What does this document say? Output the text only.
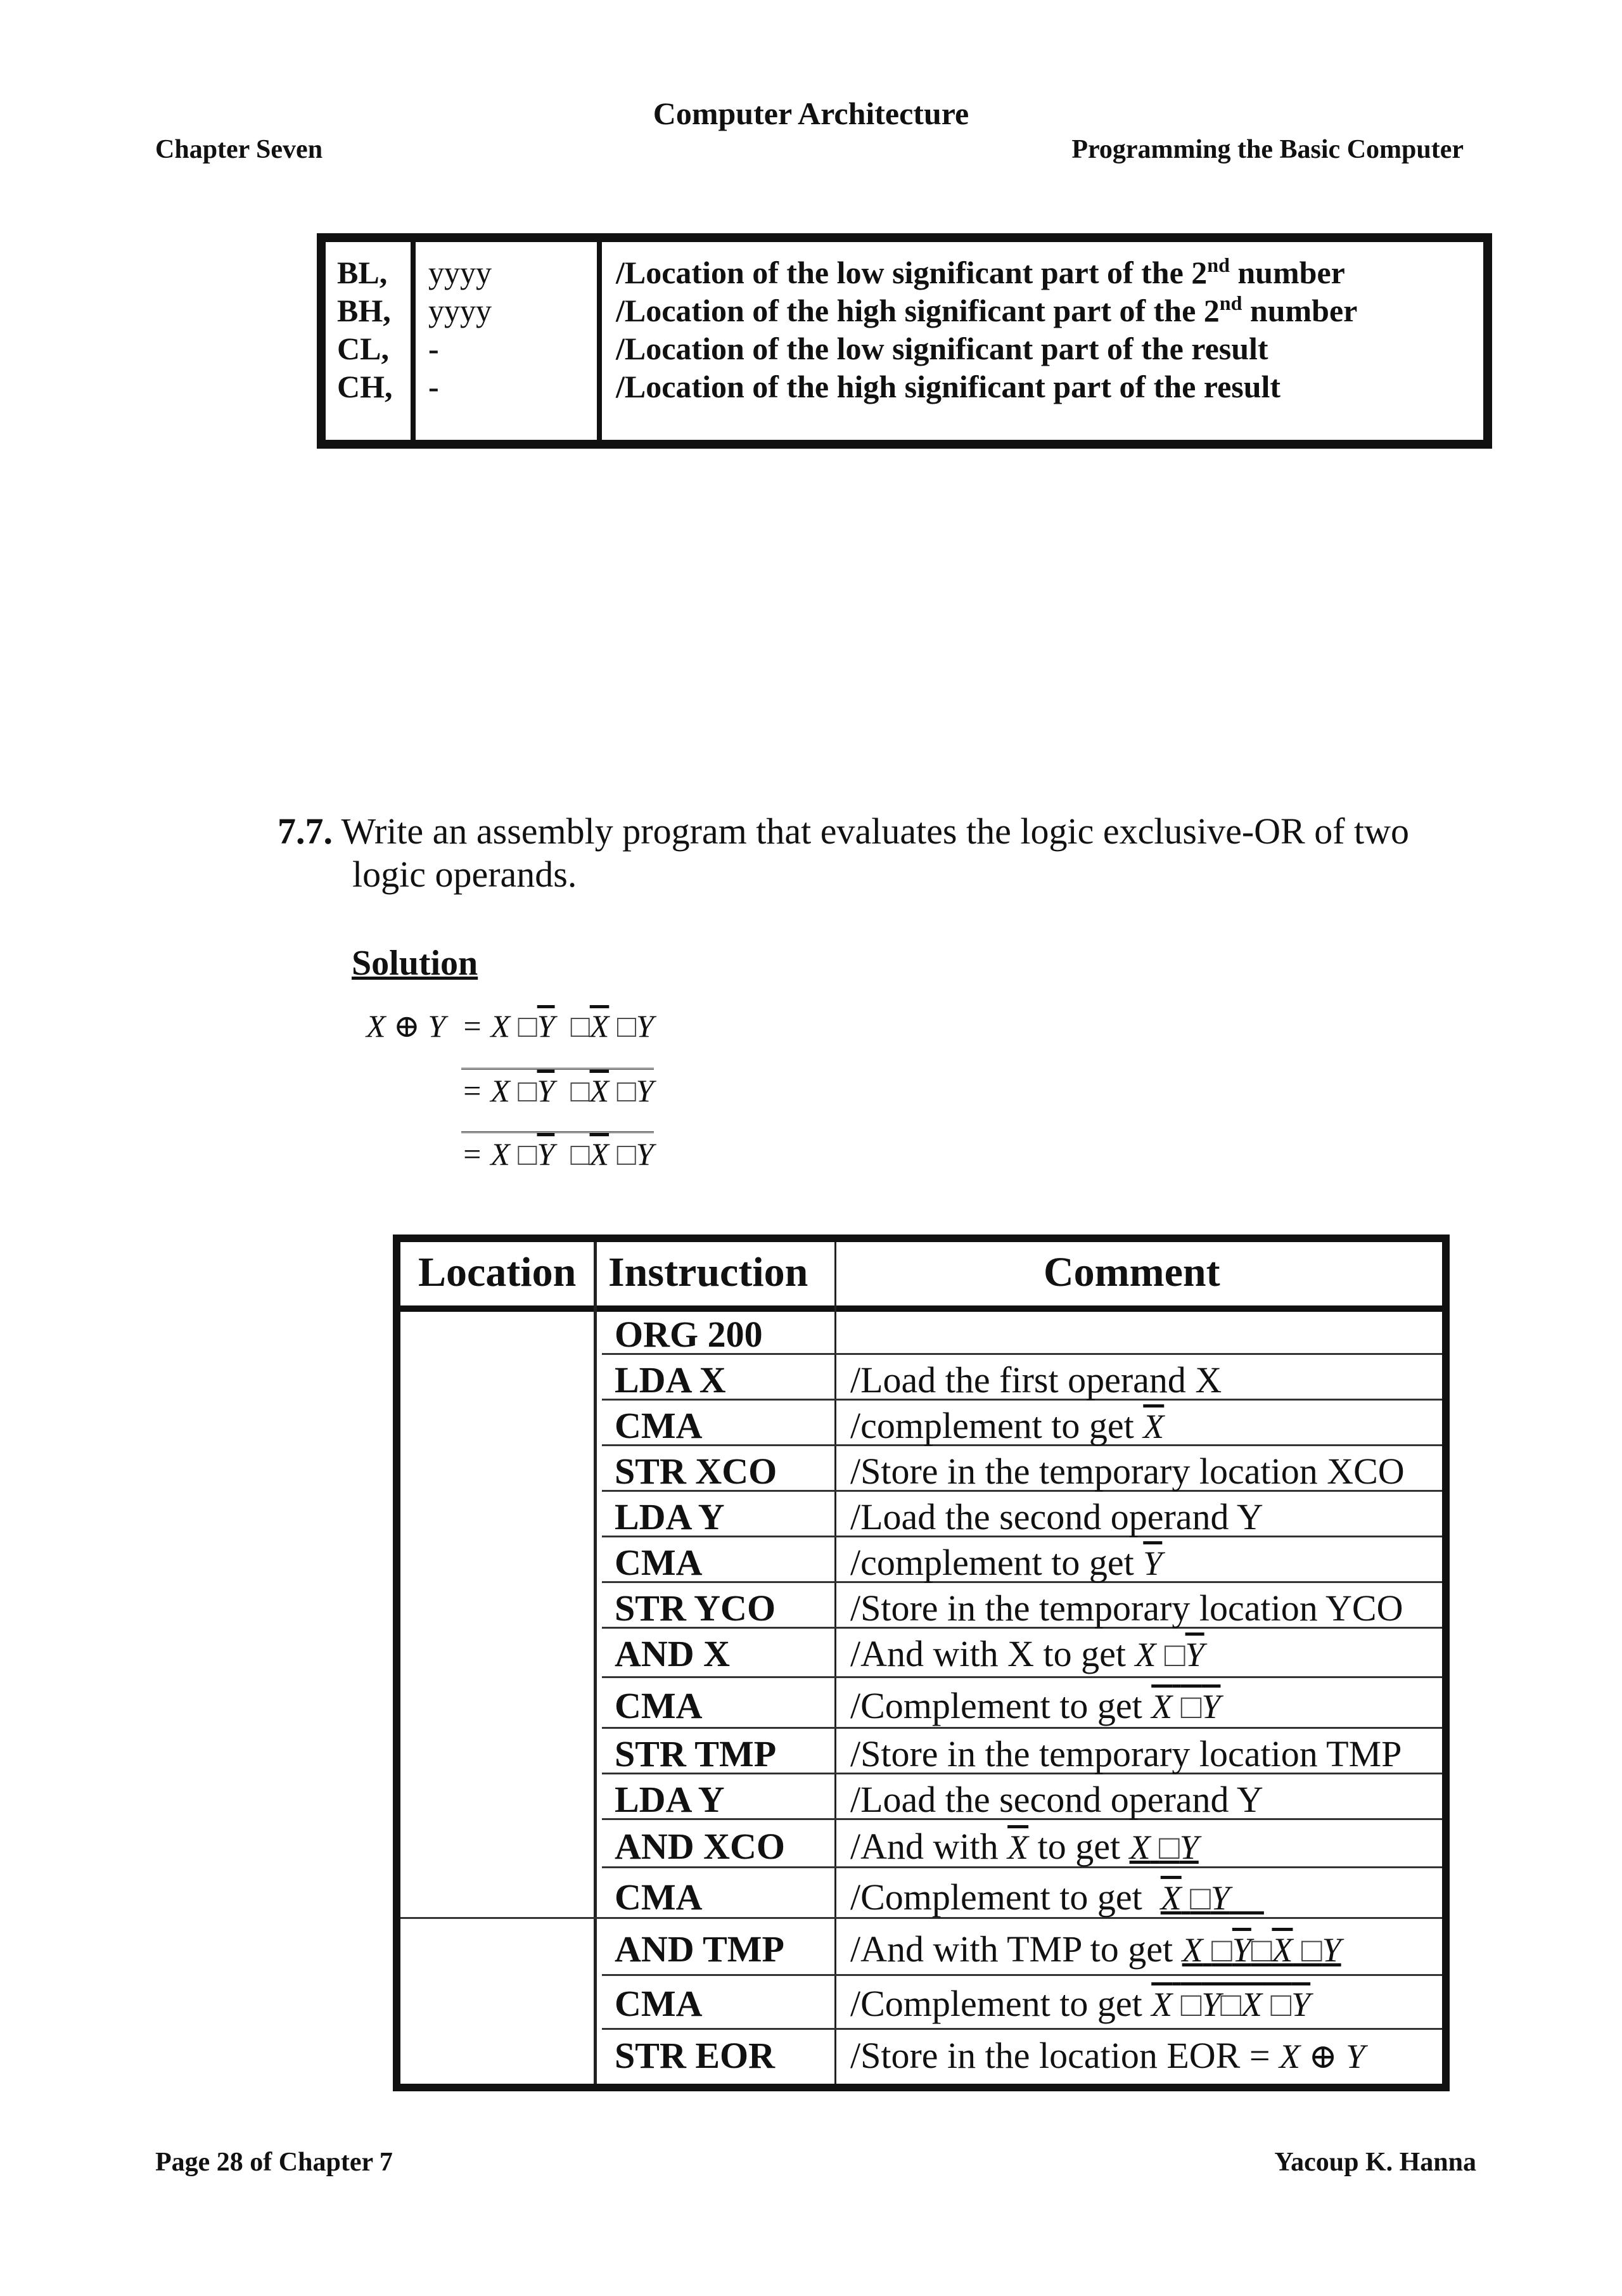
Computer Architecture
Chapter Seven	Programming the Basic Computer
BL, yyyy	/Location of the low significant part of the 2nd number
BH, yyyy	/Location of the high significant part of the 2nd number
CL, -	/Location of the low significant part of the result
CH, -	/Location of the high significant part of the result
7.7. Write an assembly program that evaluates the logic exclusive-OR of two
logic operands.
Solution
X ⊕ Y = X $□\overline{Y}$ $□\overline{X}$ □Y
= X $□\overline{Y}$ $□\overline{X}$ □Y
= X $□\overline{Y}$ $□\overline{X}$ □Y
Location Instruction	Comment
ORG 200
LDA X	/Load the first operand X
CMA	/complement to get $\overline{X}$
STR XCO /Store in the temporary location XCO
LDA Y	/Load the second operand Y
CMA	/complement to get $\overline{Y}$
STR YCO /Store in the temporary location YCO
AND X	/And with X to get X $□\overline{Y}$
CMA	/Complement to get X □Y
STR TMP /Store in the temporary location TMP
LDA Y	/Load the second operand Y
AND XCO /And with $\overline{X}$ to get X □Y
CMA	/Complement to get X □Y
AND TMP /And with TMP to get X □Y□X □Y
CMA	/Complement to get X □Y□X □Y
STR EOR /Store in the location EOR = X ⊕ Y
Page 28 of Chapter 7	Yacoup K. Hanna
